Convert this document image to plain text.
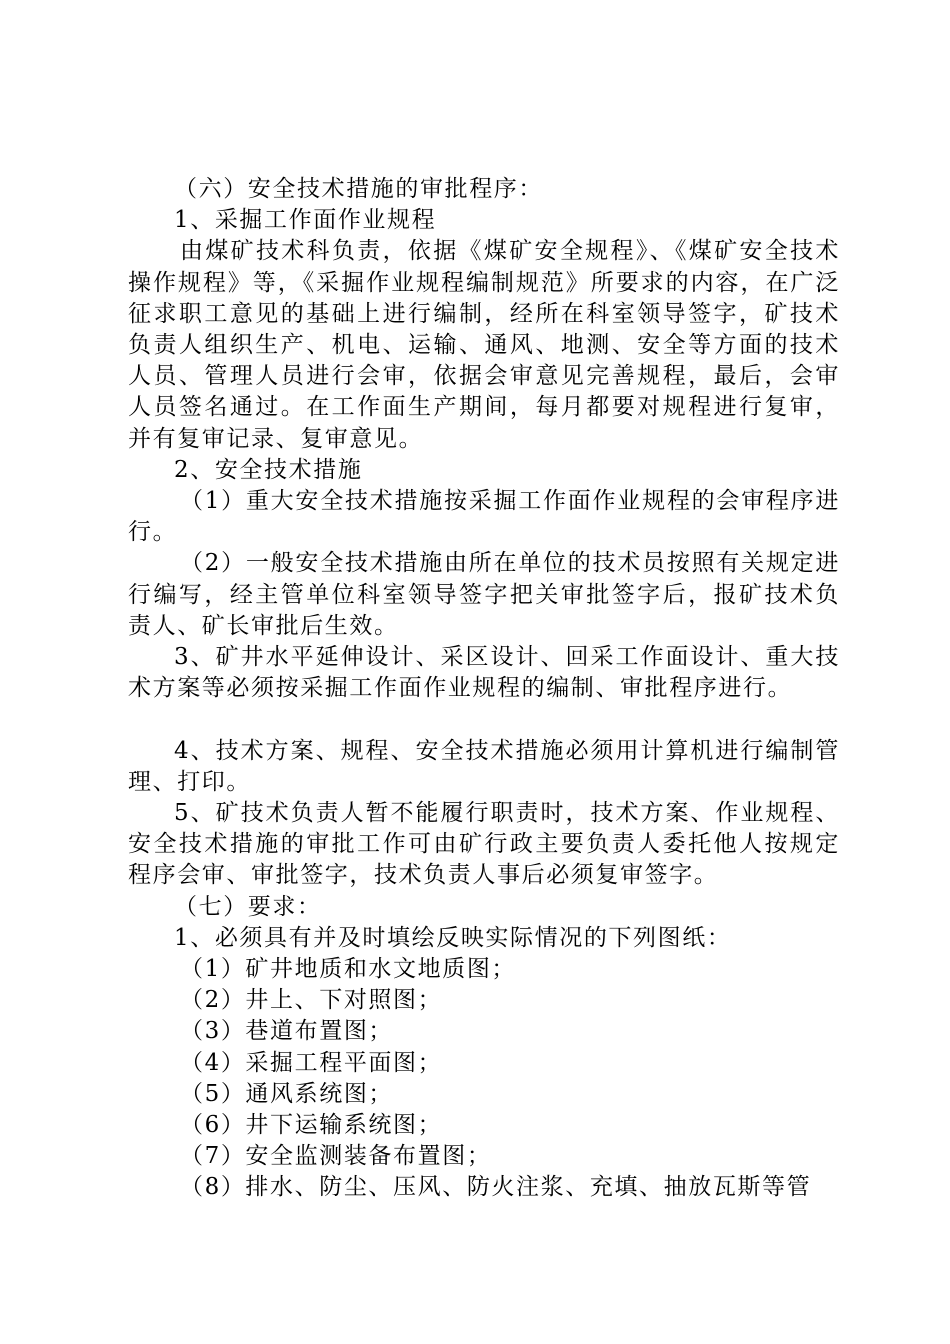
（六）安全技术措施的审批程序：

1、采掘工作面作业规程

由煤矿技术科负责，依据《煤矿安全规程》、《煤矿安全技术操作规程》等，《采掘作业规程编制规范》所要求的内容，在广泛征求职工意见的基础上进行编制，经所在科室领导签字，矿技术负责人组织生产、机电、运输、通风、地测、安全等方面的技术人员、管理人员进行会审，依据会审意见完善规程，最后，会审人员签名通过。在工作面生产期间，每月都要对规程进行复审，并有复审记录、复审意见。

2、安全技术措施

（1）重大安全技术措施按采掘工作面作业规程的会审程序进行。

（2）一般安全技术措施由所在单位的技术员按照有关规定进行编写，经主管单位科室领导签字把关审批签字后，报矿技术负责人、矿长审批后生效。

3、矿井水平延伸设计、采区设计、回采工作面设计、重大技术方案等必须按采掘工作面作业规程的编制、审批程序进行。

4、技术方案、规程、安全技术措施必须用计算机进行编制管理、打印。

5、矿技术负责人暂不能履行职责时，技术方案、作业规程、安全技术措施的审批工作可由矿行政主要负责人委托他人按规定程序会审、审批签字，技术负责人事后必须复审签字。

（七）要求：

1、必须具有并及时填绘反映实际情况的下列图纸：

（1）矿井地质和水文地质图；

（2）井上、下对照图；

（3）巷道布置图；

（4）采掘工程平面图；

（5）通风系统图；

（6）井下运输系统图；

（7）安全监测装备布置图；

（8）排水、防尘、压风、防火注浆、充填、抽放瓦斯等管
